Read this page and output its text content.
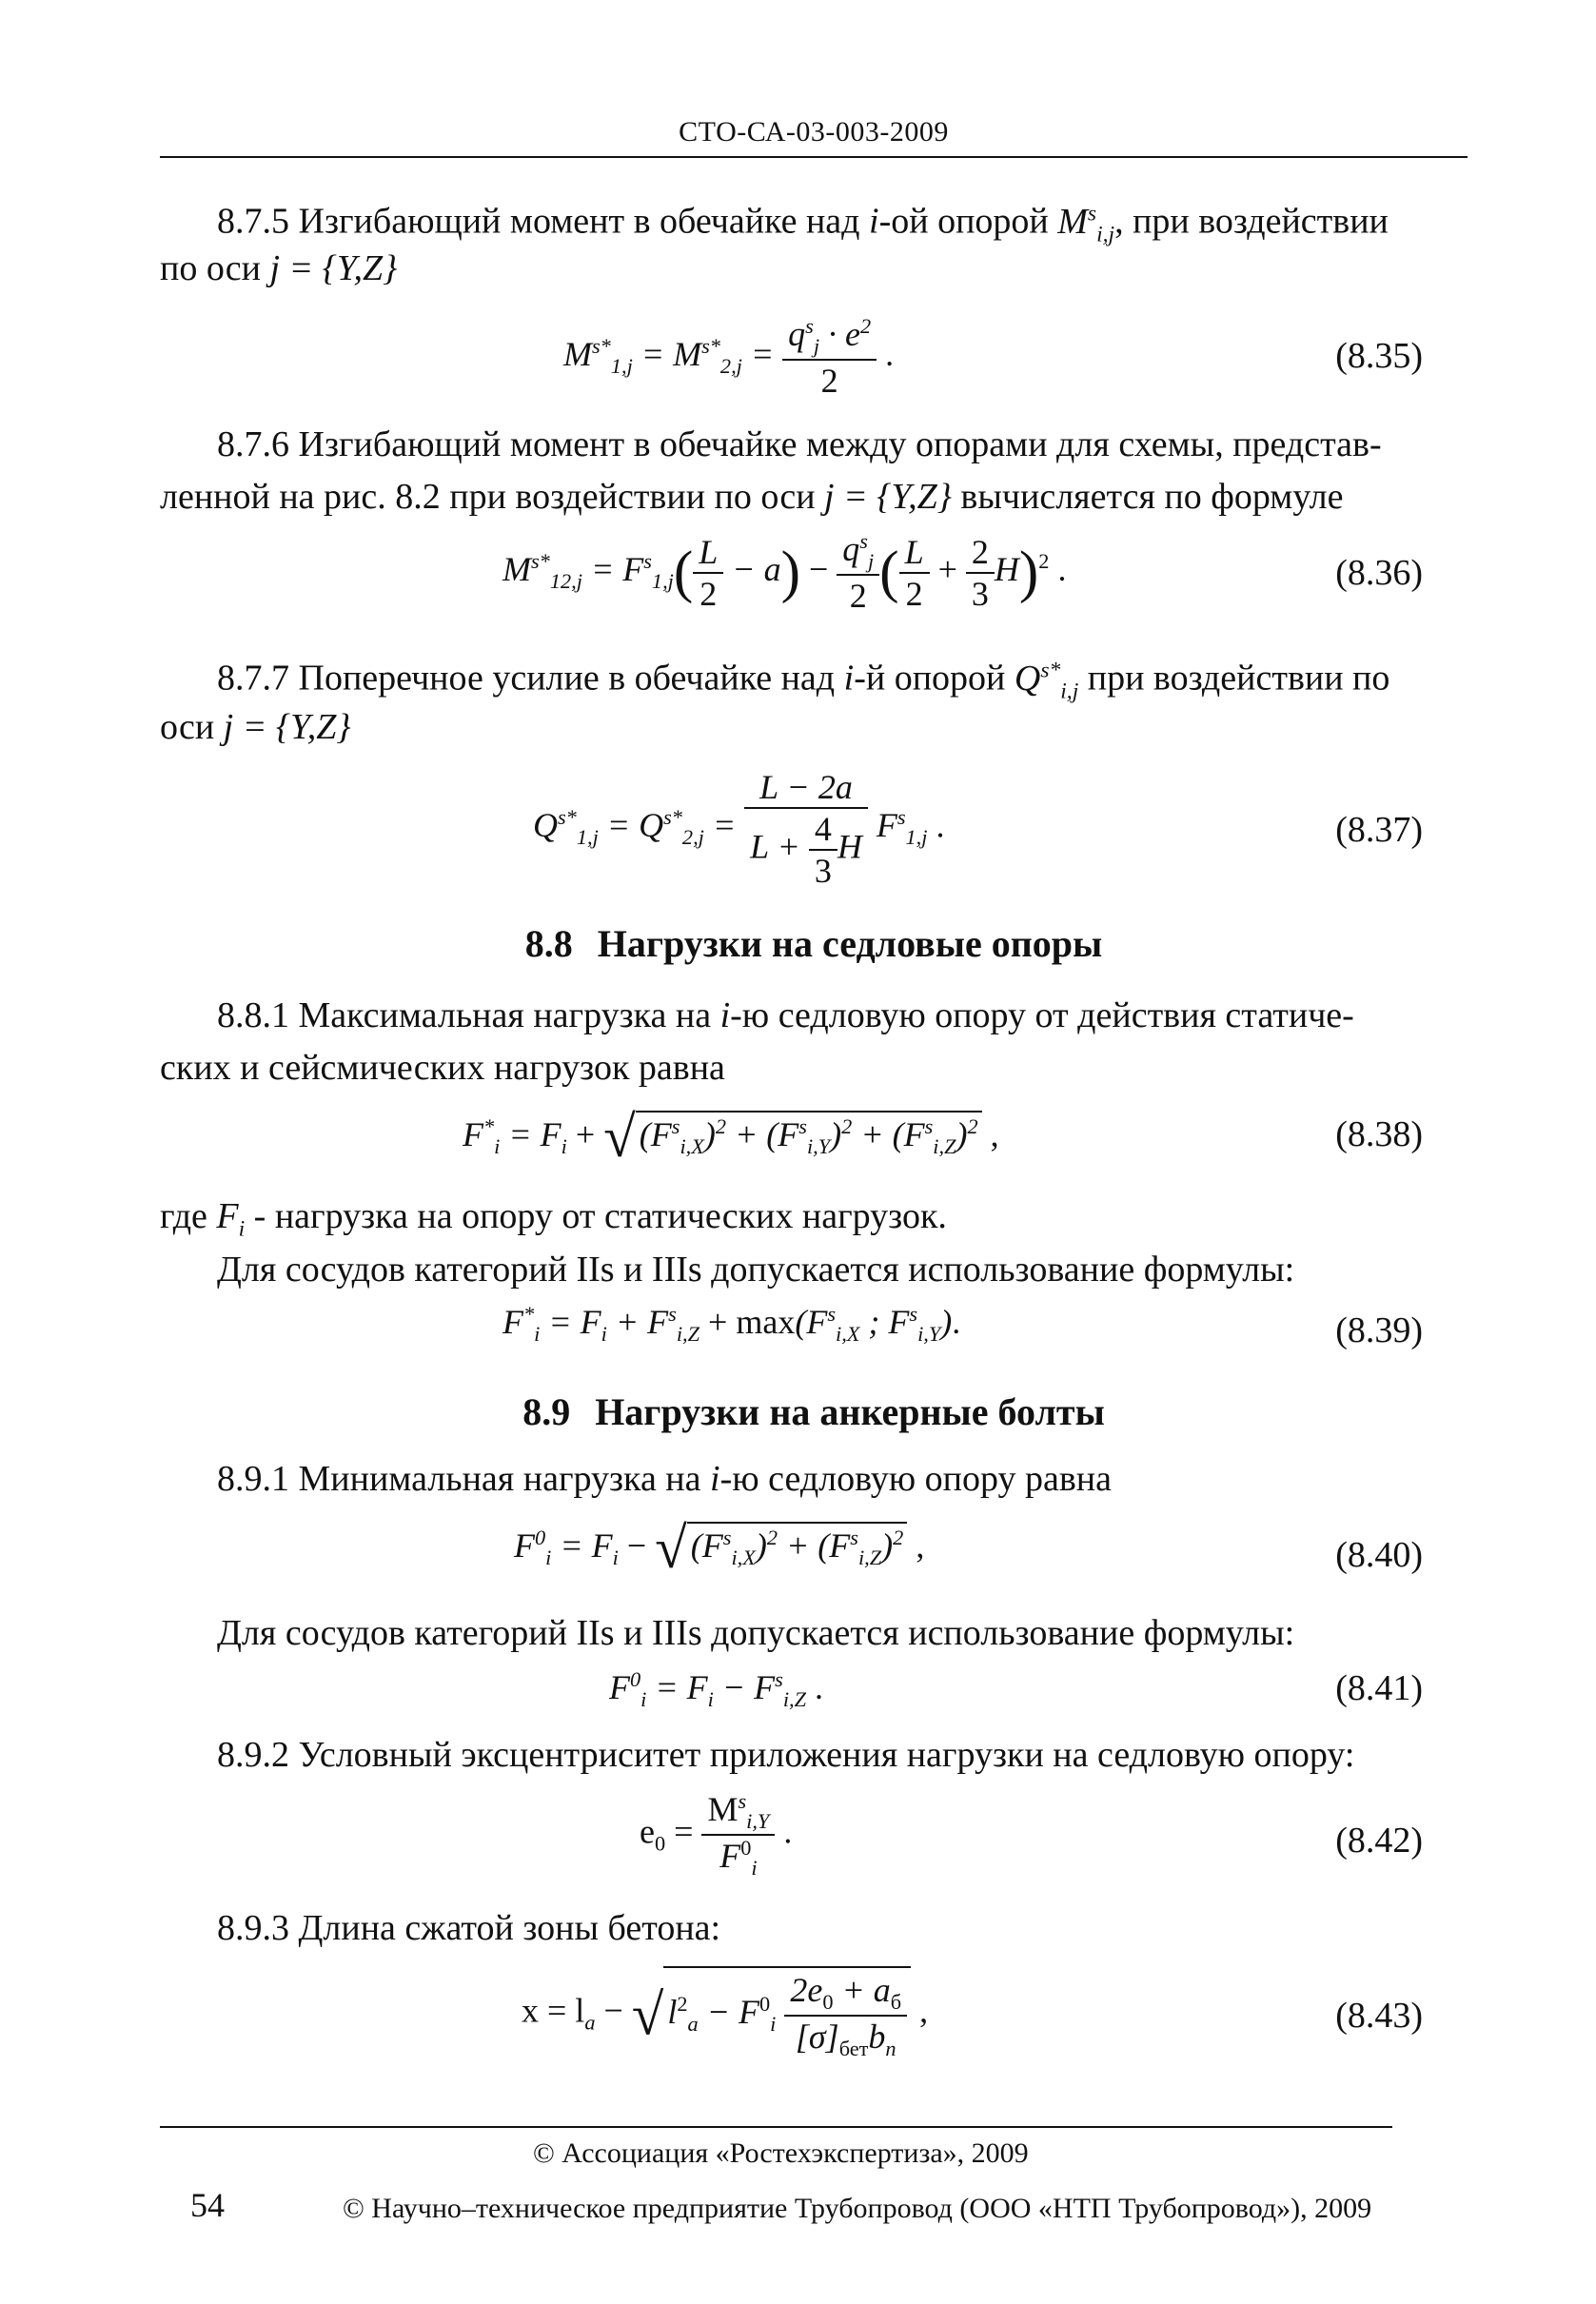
СТО-СА-03-003-2009
8.7.5 Изгибающий момент в обечайке над i-ой опорой $M^s_{i,j}$, при воздействии
по оси j = {Y,Z}
$M^{s*}_{1,j} = M^{s*}_{2,j} = \frac{q^s_j \cdot e^2}{2}$ .	(8.35)
8.7.6 Изгибающий момент в обечайке между опорами для схемы, представ-
ленной на рис. 8.2 при воздействии по оси j = {Y,Z} вычисляется по формуле
$M^{s*}_{12,j} = F^s_{1,j}( \frac{L}{2} - a) - \frac{q^s_j}{2}$ ( $\frac{L}{2} + \frac{2}{3} H)^2$ .	(8.36)
8.7.7 Поперечное усилие в обечайке над i-й опорой $Q^{s*}_{i,j}$ при воздействии по
оси j = {Y,Z}
$Q^{s*}_{1,j} = Q^{s*}_{2,j} = \frac{L - 2a}{L + \frac{4}{3} H} F^s_{1,j}$ .	(8.37)
8.8 Нагрузки на седловые опоры
8.8.1 Максимальная нагрузка на i-ю седловую опору от действия статиче-
ских и сейсмических нагрузок равна
$F^*_i = F_i$ + √ $(F^s_{i,X})^2 + (F^s_{i,Y})^2 + (F^s_{i,Z})^2$ ,	(8.38)
где $F_i$ - нагрузка на опору от статических нагрузок.
Для сосудов категорий IIs и IIIs допускается использование формулы:
$F^*_i = F_i + F^s_{i,Z} + \max(F^s_{i,X}$ ; $F^s_{i,Y}$).	(8.39)
8.9 Нагрузки на анкерные болты
8.9.1 Минимальная нагрузка на i-ю седловую опору равна
$F^0_i = F_i$ − √ $(F^s_{i,X})^2 + (F^s_{i,Z})^2$ ,	(8.40)
Для сосудов категорий IIs и IIIs допускается использование формулы:
$F^0_i = F_i - F^s_{i,Z}$ .	(8.41)
8.9.2 Условный эксцентриситет приложения нагрузки на седловую опору:
$e_0 = \frac{M^s_{i,Y}}{F^0_i}$ .	(8.42)
8.9.3 Длина сжатой зоны бетона:
$x = l_a$ − √ $l^2_a - F^0_i \frac{2e_0 + a_б}{[\sigma]_{бет}b_n}$ ,	(8.43)
© Ассоциация «Ростехэкспертиза», 2009
54	© Научно–техническое предприятие Трубопровод (ООО «НТП Трубопровод»), 2009
